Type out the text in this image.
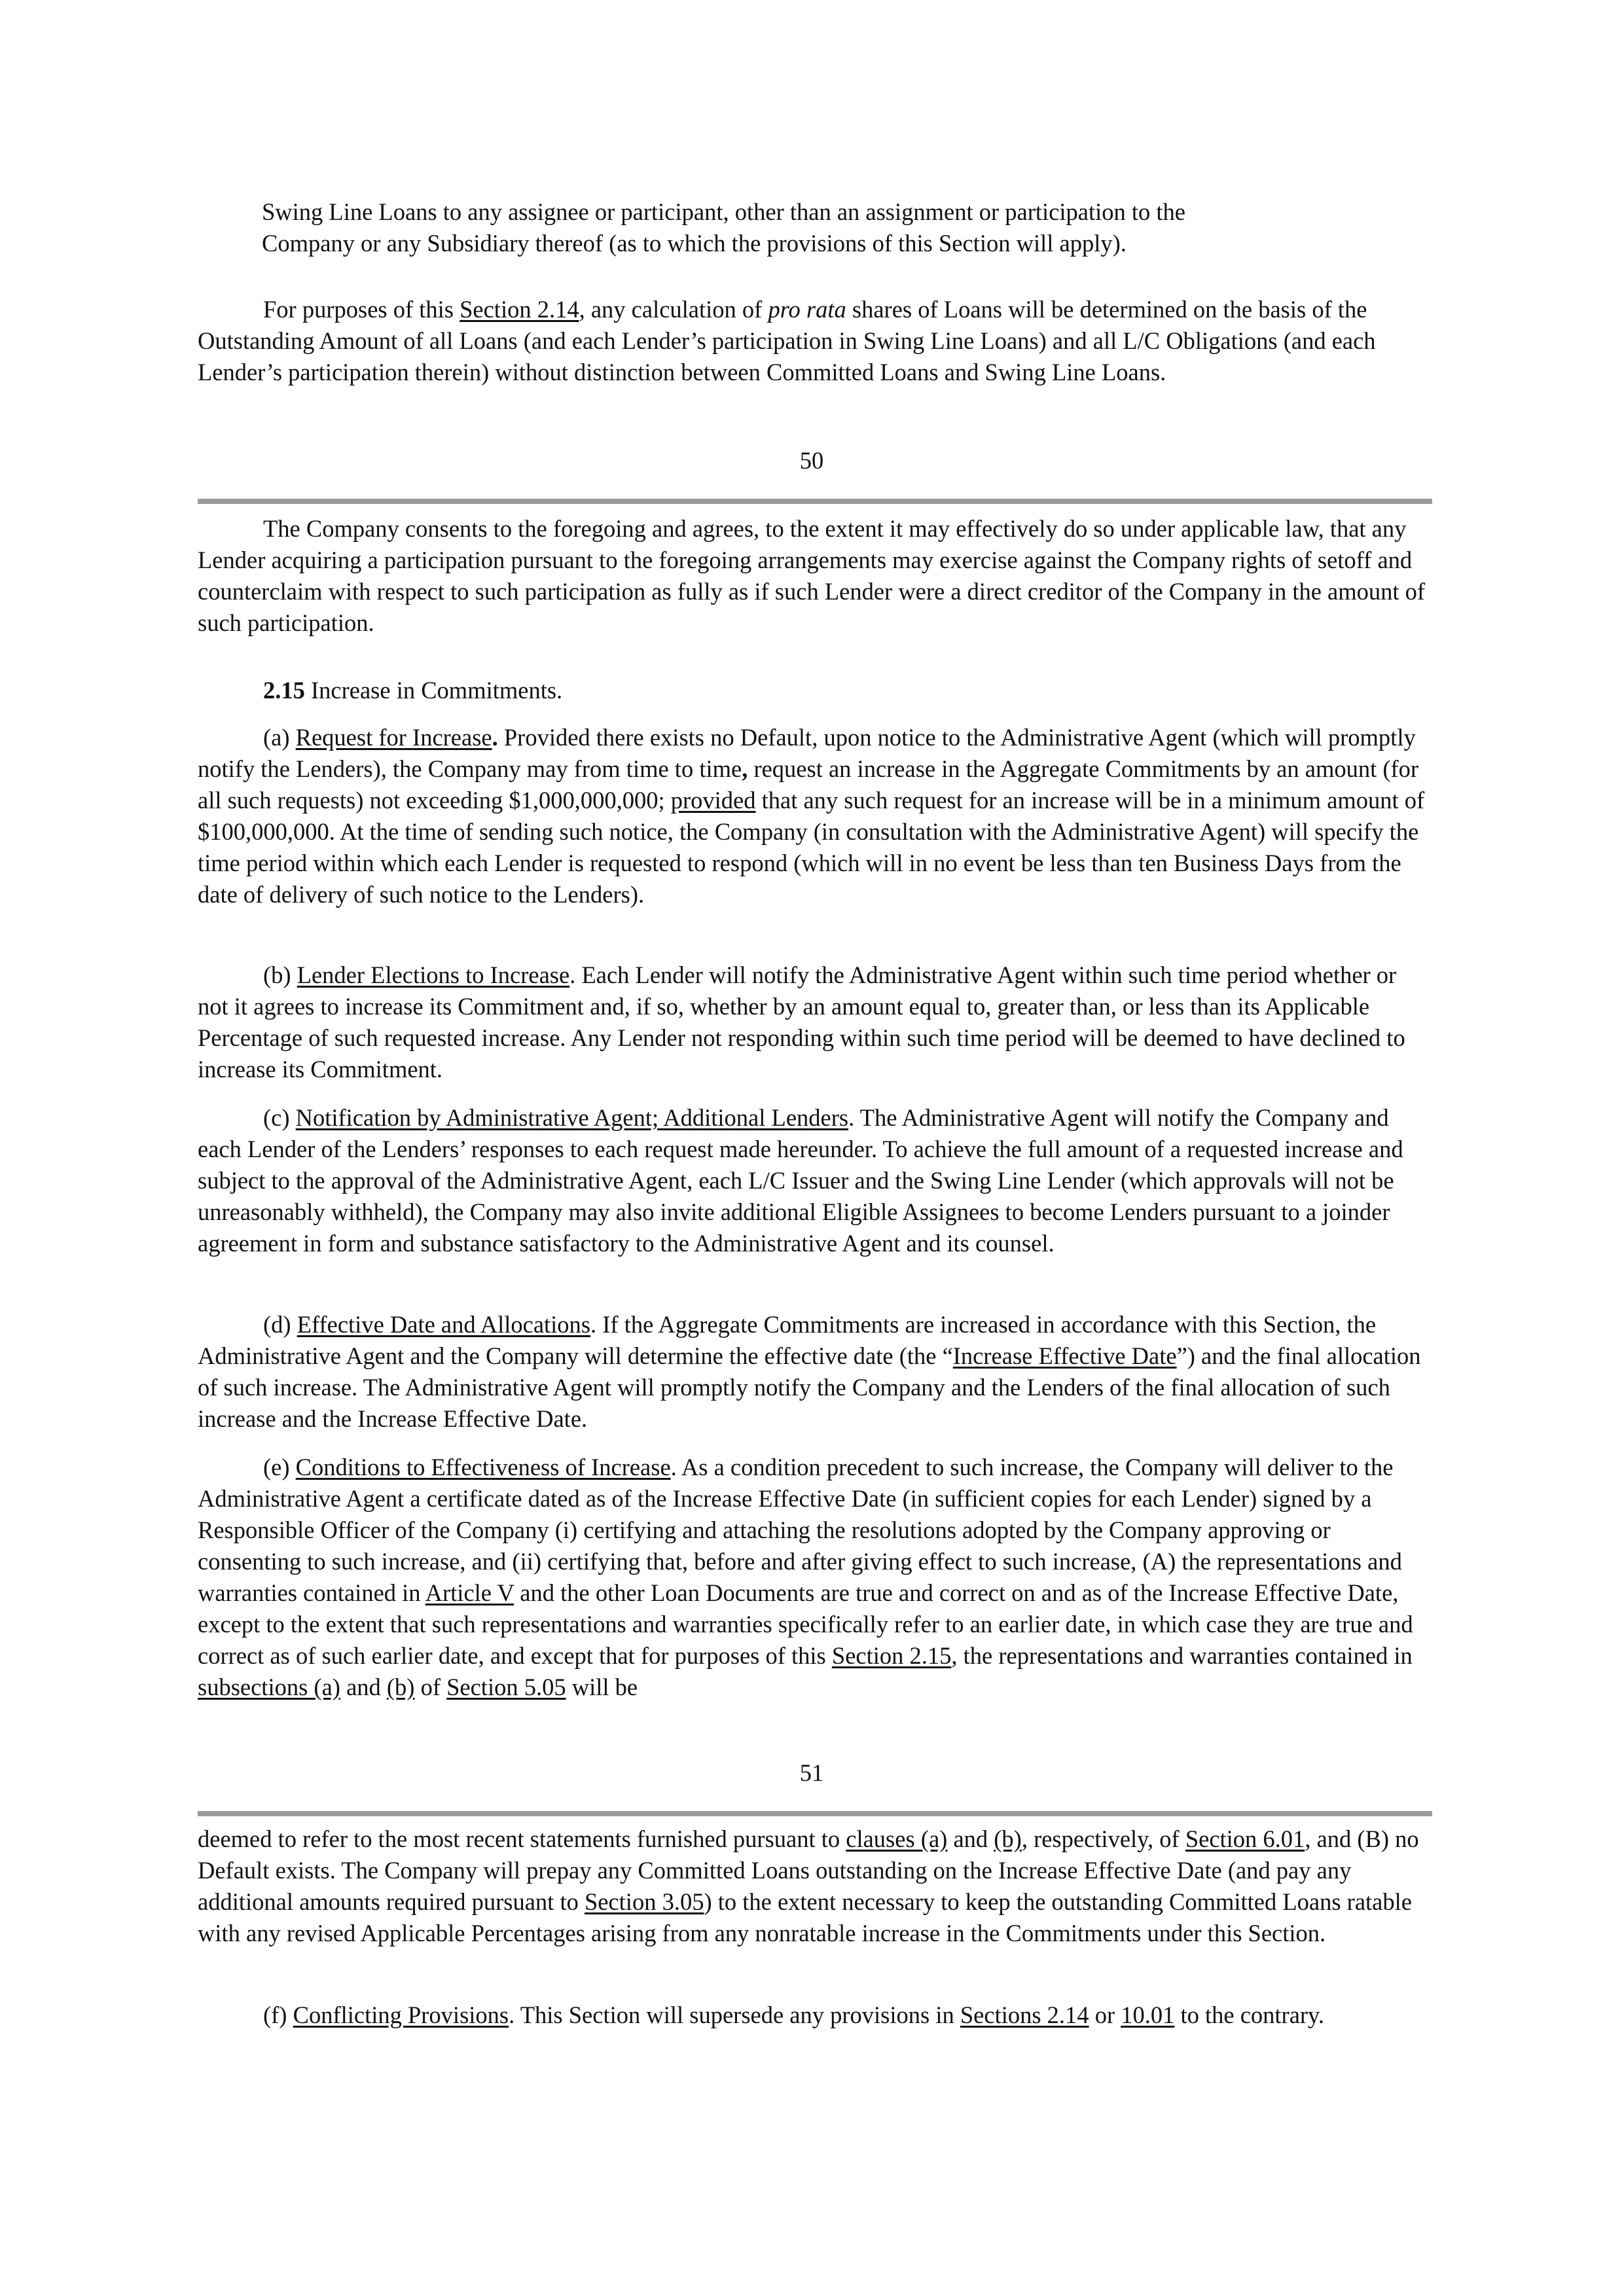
Swing Line Loans to any assignee or participant, other than an assignment or participation to the
Company or any Subsidiary thereof (as to which the provisions of this Section will apply).

For purposes of this Section 2.14, any calculation of pro rata shares of Loans will be determined on the basis of the Outstanding Amount of all Loans (and each Lender’s participation in Swing Line Loans) and all L/C Obligations (and each Lender’s participation therein) without distinction between Committed Loans and Swing Line Loans.

50

The Company consents to the foregoing and agrees, to the extent it may effectively do so under applicable law, that any Lender acquiring a participation pursuant to the foregoing arrangements may exercise against the Company rights of setoff and counterclaim with respect to such participation as fully as if such Lender were a direct creditor of the Company in the amount of such participation.

2.15 Increase in Commitments.

(a) Request for Increase. Provided there exists no Default, upon notice to the Administrative Agent (which will promptly notify the Lenders), the Company may from time to time, request an increase in the Aggregate Commitments by an amount (for all such requests) not exceeding $1,000,000,000; provided that any such request for an increase will be in a minimum amount of $100,000,000. At the time of sending such notice, the Company (in consultation with the Administrative Agent) will specify the time period within which each Lender is requested to respond (which will in no event be less than ten Business Days from the date of delivery of such notice to the Lenders).

(b) Lender Elections to Increase. Each Lender will notify the Administrative Agent within such time period whether or not it agrees to increase its Commitment and, if so, whether by an amount equal to, greater than, or less than its Applicable Percentage of such requested increase. Any Lender not responding within such time period will be deemed to have declined to increase its Commitment.

(c) Notification by Administrative Agent; Additional Lenders. The Administrative Agent will notify the Company and each Lender of the Lenders’ responses to each request made hereunder. To achieve the full amount of a requested increase and subject to the approval of the Administrative Agent, each L/C Issuer and the Swing Line Lender (which approvals will not be unreasonably withheld), the Company may also invite additional Eligible Assignees to become Lenders pursuant to a joinder agreement in form and substance satisfactory to the Administrative Agent and its counsel.

(d) Effective Date and Allocations. If the Aggregate Commitments are increased in accordance with this Section, the Administrative Agent and the Company will determine the effective date (the “Increase Effective Date”) and the final allocation of such increase. The Administrative Agent will promptly notify the Company and the Lenders of the final allocation of such increase and the Increase Effective Date.

(e) Conditions to Effectiveness of Increase. As a condition precedent to such increase, the Company will deliver to the Administrative Agent a certificate dated as of the Increase Effective Date (in sufficient copies for each Lender) signed by a Responsible Officer of the Company (i) certifying and attaching the resolutions adopted by the Company approving or consenting to such increase, and (ii) certifying that, before and after giving effect to such increase, (A) the representations and warranties contained in Article V and the other Loan Documents are true and correct on and as of the Increase Effective Date, except to the extent that such representations and warranties specifically refer to an earlier date, in which case they are true and correct as of such earlier date, and except that for purposes of this Section 2.15, the representations and warranties contained in subsections (a) and (b) of Section 5.05 will be

51

deemed to refer to the most recent statements furnished pursuant to clauses (a) and (b), respectively, of Section 6.01, and (B) no Default exists. The Company will prepay any Committed Loans outstanding on the Increase Effective Date (and pay any additional amounts required pursuant to Section 3.05) to the extent necessary to keep the outstanding Committed Loans ratable with any revised Applicable Percentages arising from any nonratable increase in the Commitments under this Section.

(f) Conflicting Provisions. This Section will supersede any provisions in Sections 2.14 or 10.01 to the contrary.
